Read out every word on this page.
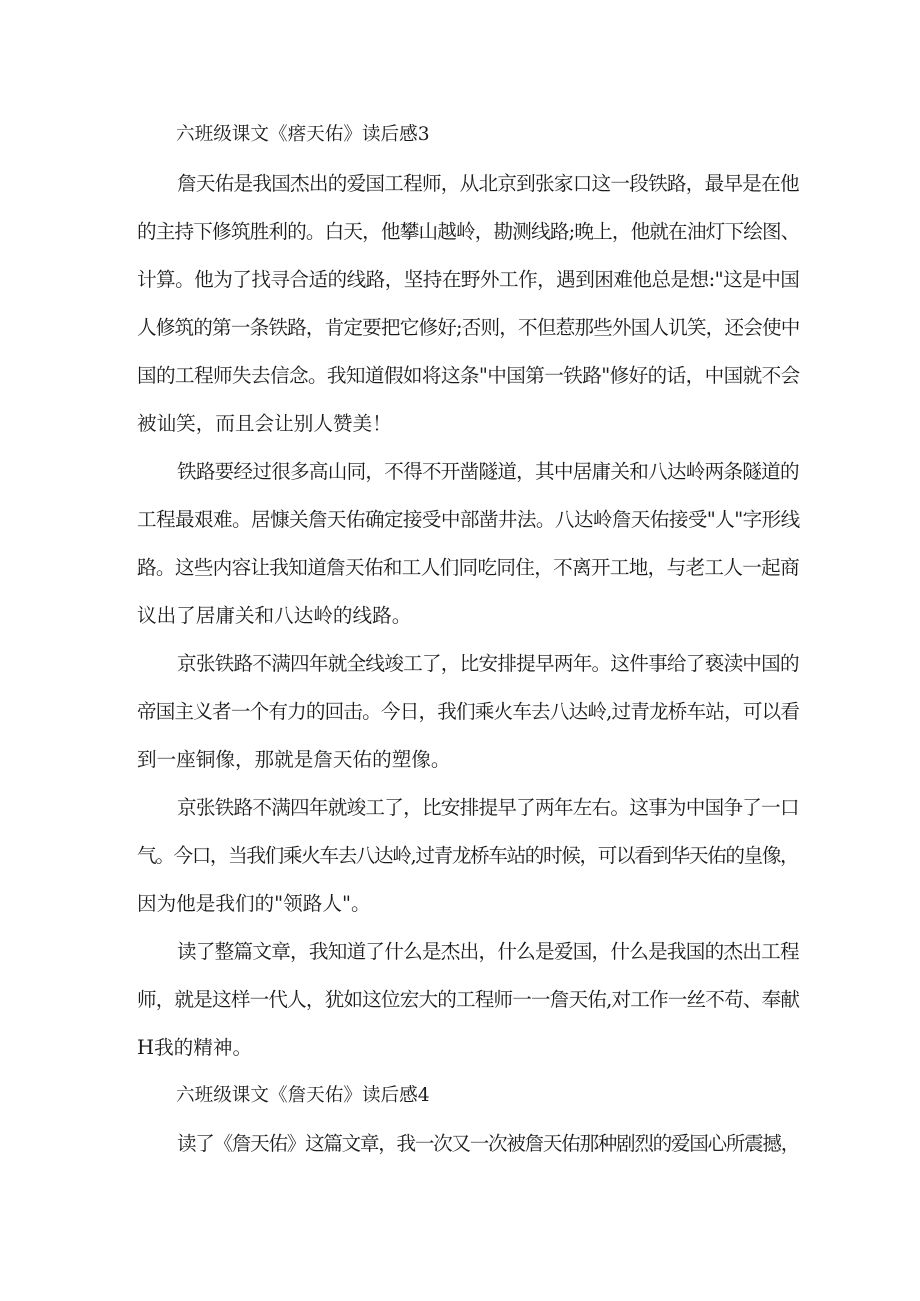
六班级课文《瘩天佑》读后感3
詹天佑是我国杰出的爱国工程师，从北京到张家口这一段铁路，最早是在他
的主持下修筑胜利的。白天，他攀山越岭，勘测线路;晚上，他就在油灯下绘图、
计算。他为了找寻合适的线路，坚持在野外工作，遇到困难他总是想:"这是中国
人修筑的第一条铁路，肯定要把它修好;否则，不但惹那些外国人讥笑，还会使中
国的工程师失去信念。我知道假如将这条"中国第一铁路"修好的话，中国就不会
被讪笑，而且会让别人赞美！
铁路要经过很多高山同，不得不开凿隧道，其中居庸关和八达岭两条隧道的
工程最艰难。居慷关詹天佑确定接受中部凿井法。八达岭詹天佑接受"人"字形线
路。这些内容让我知道詹天佑和工人们同吃同住，不离开工地，与老工人一起商
议出了居庸关和八达岭的线路。
京张铁路不满四年就全线竣工了，比安排提早两年。这件事给了亵渎中国的
帝国主义者一个有力的回击。今日，我们乘火车去八达岭,过青龙桥车站，可以看
到一座铜像，那就是詹天佑的塑像。
京张铁路不满四年就竣工了，比安排提早了两年左右。这事为中国争了一口
气。今口，当我们乘火车去八达岭,过青龙桥车站的时候，可以看到华天佑的皇像，
因为他是我们的"领路人"。
读了整篇文章，我知道了什么是杰出，什么是爱国，什么是我国的杰出工程
师，就是这样一代人，犹如这位宏大的工程师一一詹天佑,对工作一丝不苟、奉献
H我的精神。
六班级课文《詹天佑》读后感4
读了《詹天佑》这篇文章，我一次又一次被詹天佑那种剧烈的爱国心所震撼，
